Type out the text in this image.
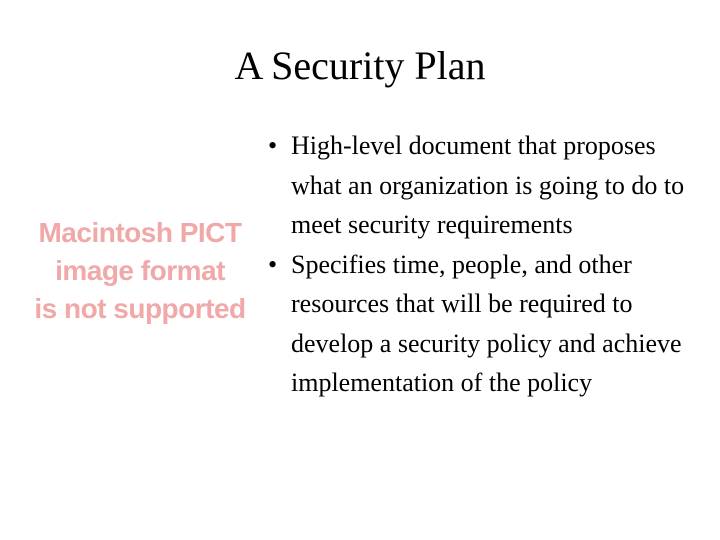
A Security Plan
Macintosh PICT
image format
is not supported
• High-level document that proposes what an organization is going to do to meet security requirements
• Specifies time, people, and other resources that will be required to develop a security policy and achieve implementation of the policy
